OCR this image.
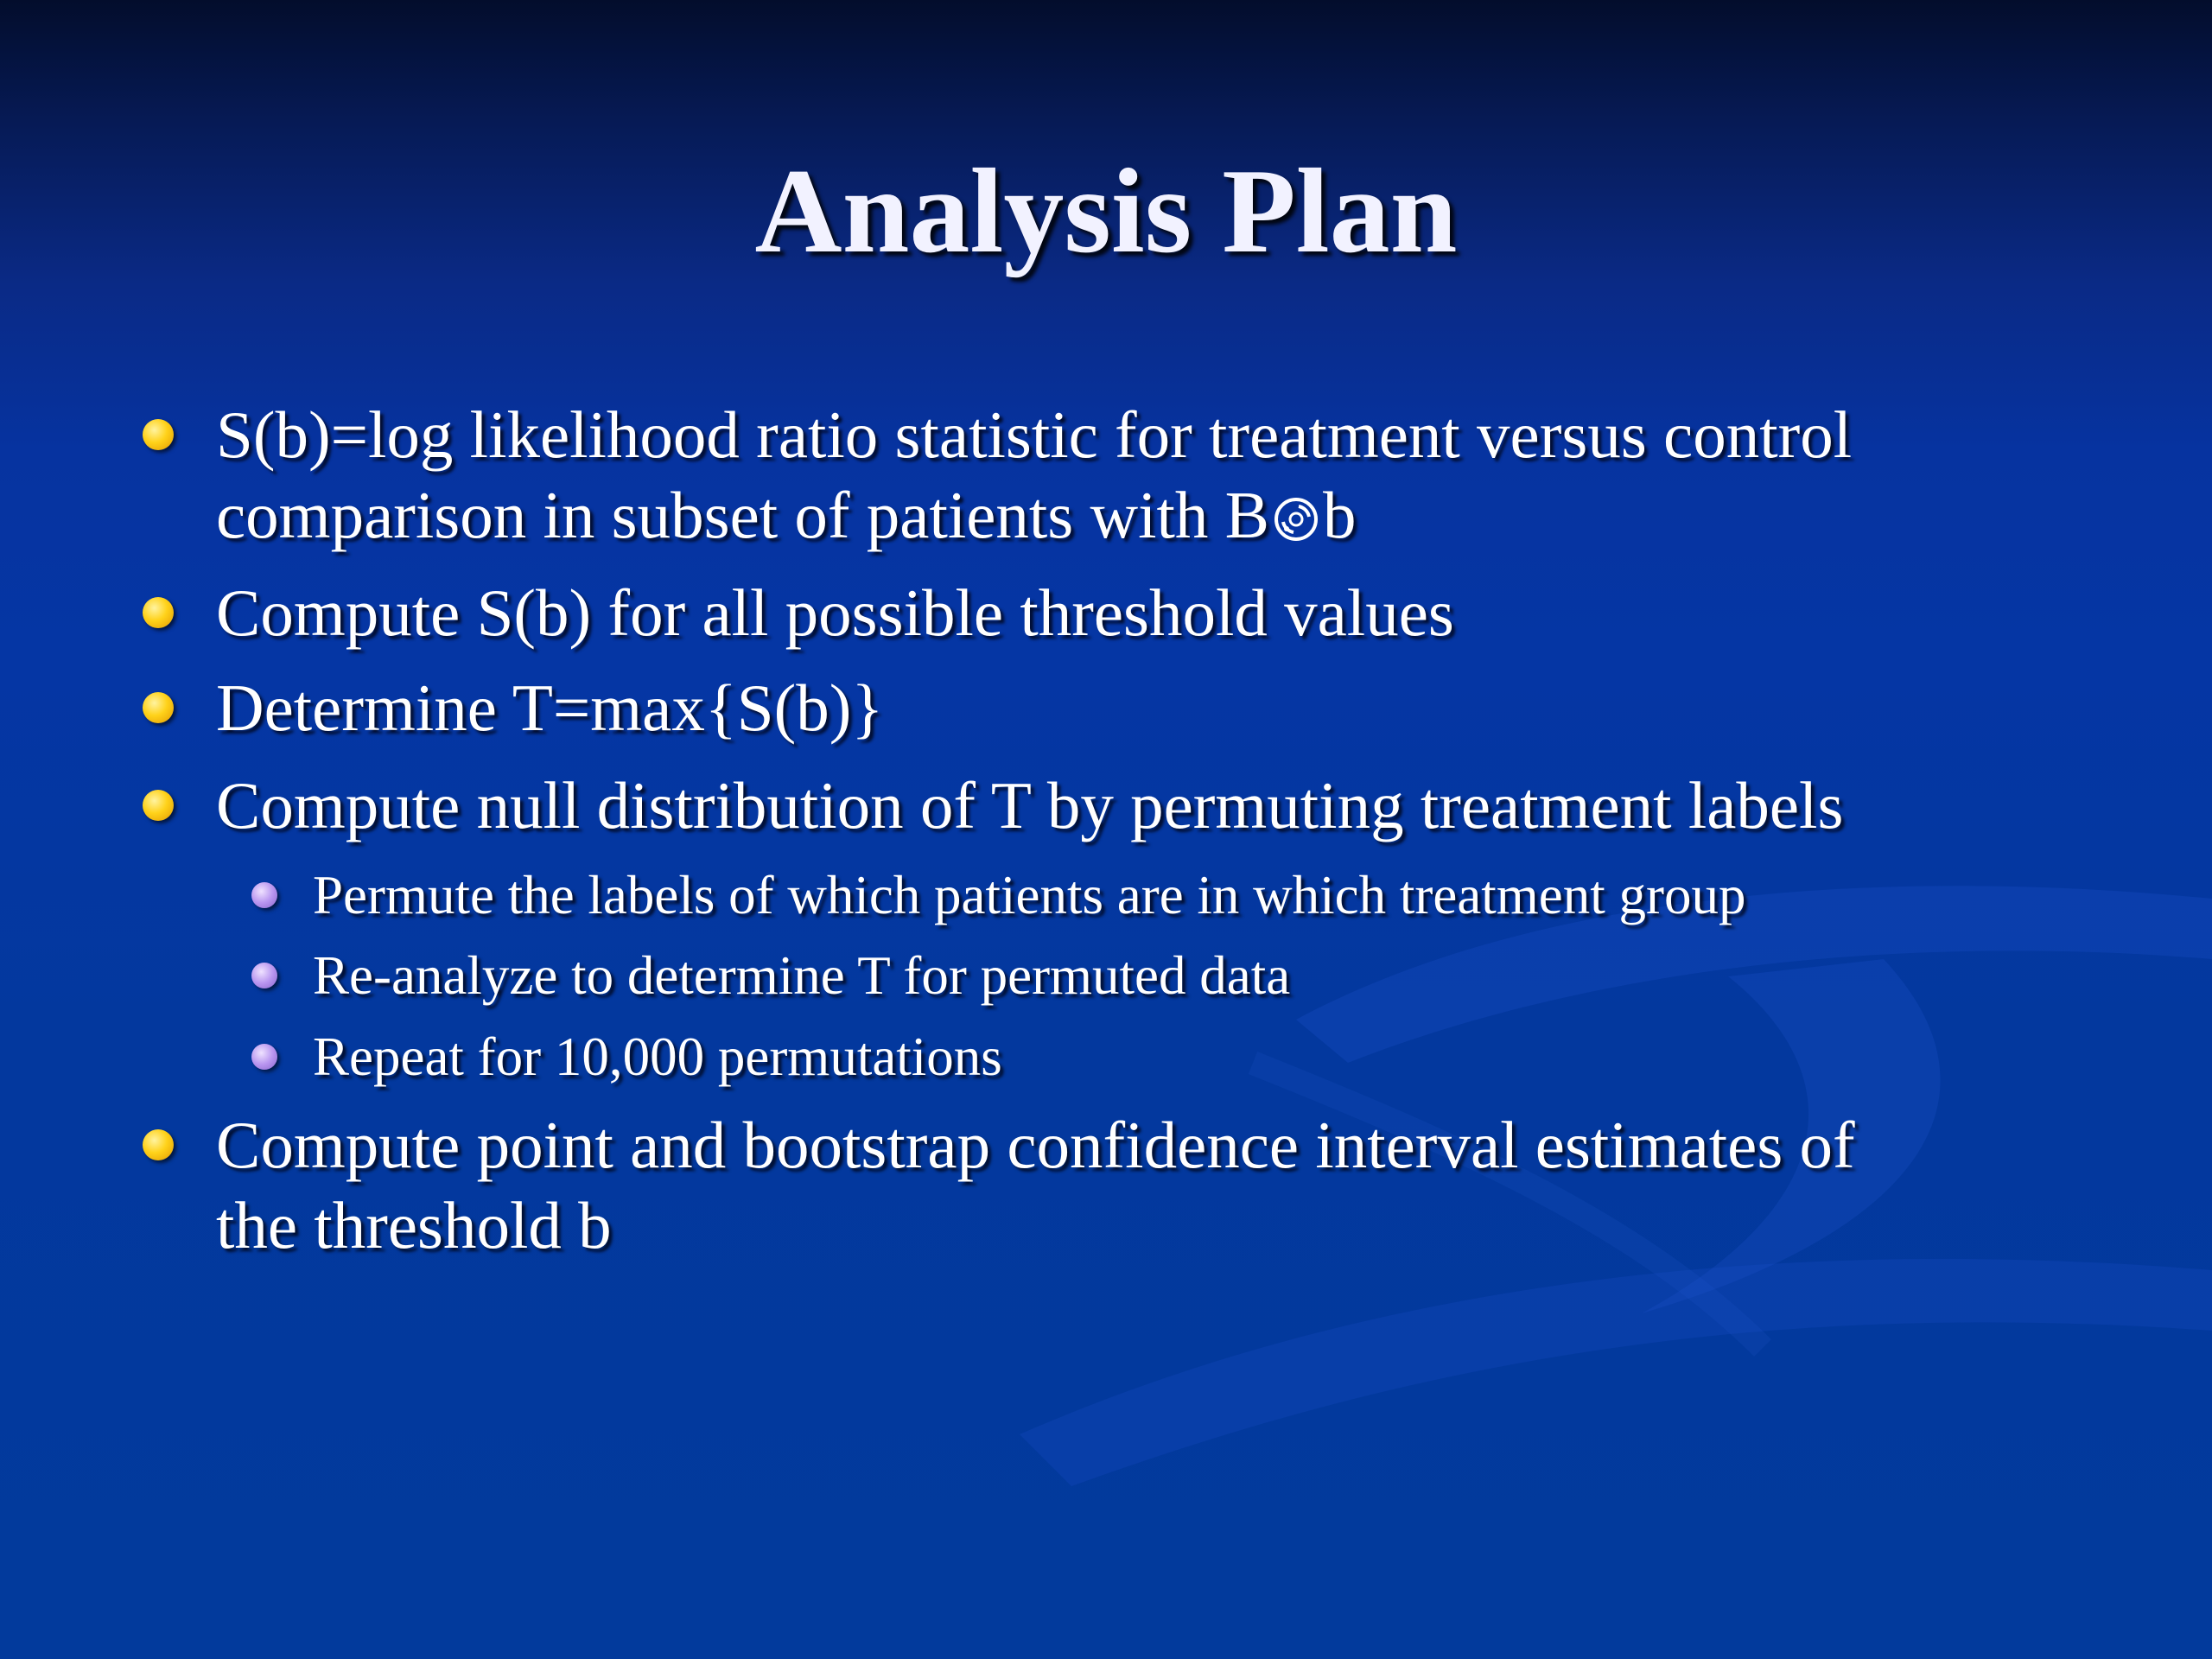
Analysis Plan
S(b)=log likelihood ratio statistic for treatment versus control
comparison in subset of patients with B b
Compute S(b) for all possible threshold values
Determine T=max{S(b)}
Compute null distribution of T by permuting treatment labels
Permute the labels of which patients are in which treatment group
Re-analyze to determine T for permuted data
Repeat for 10,000 permutations
Compute point and bootstrap confidence interval estimates of
the threshold b
